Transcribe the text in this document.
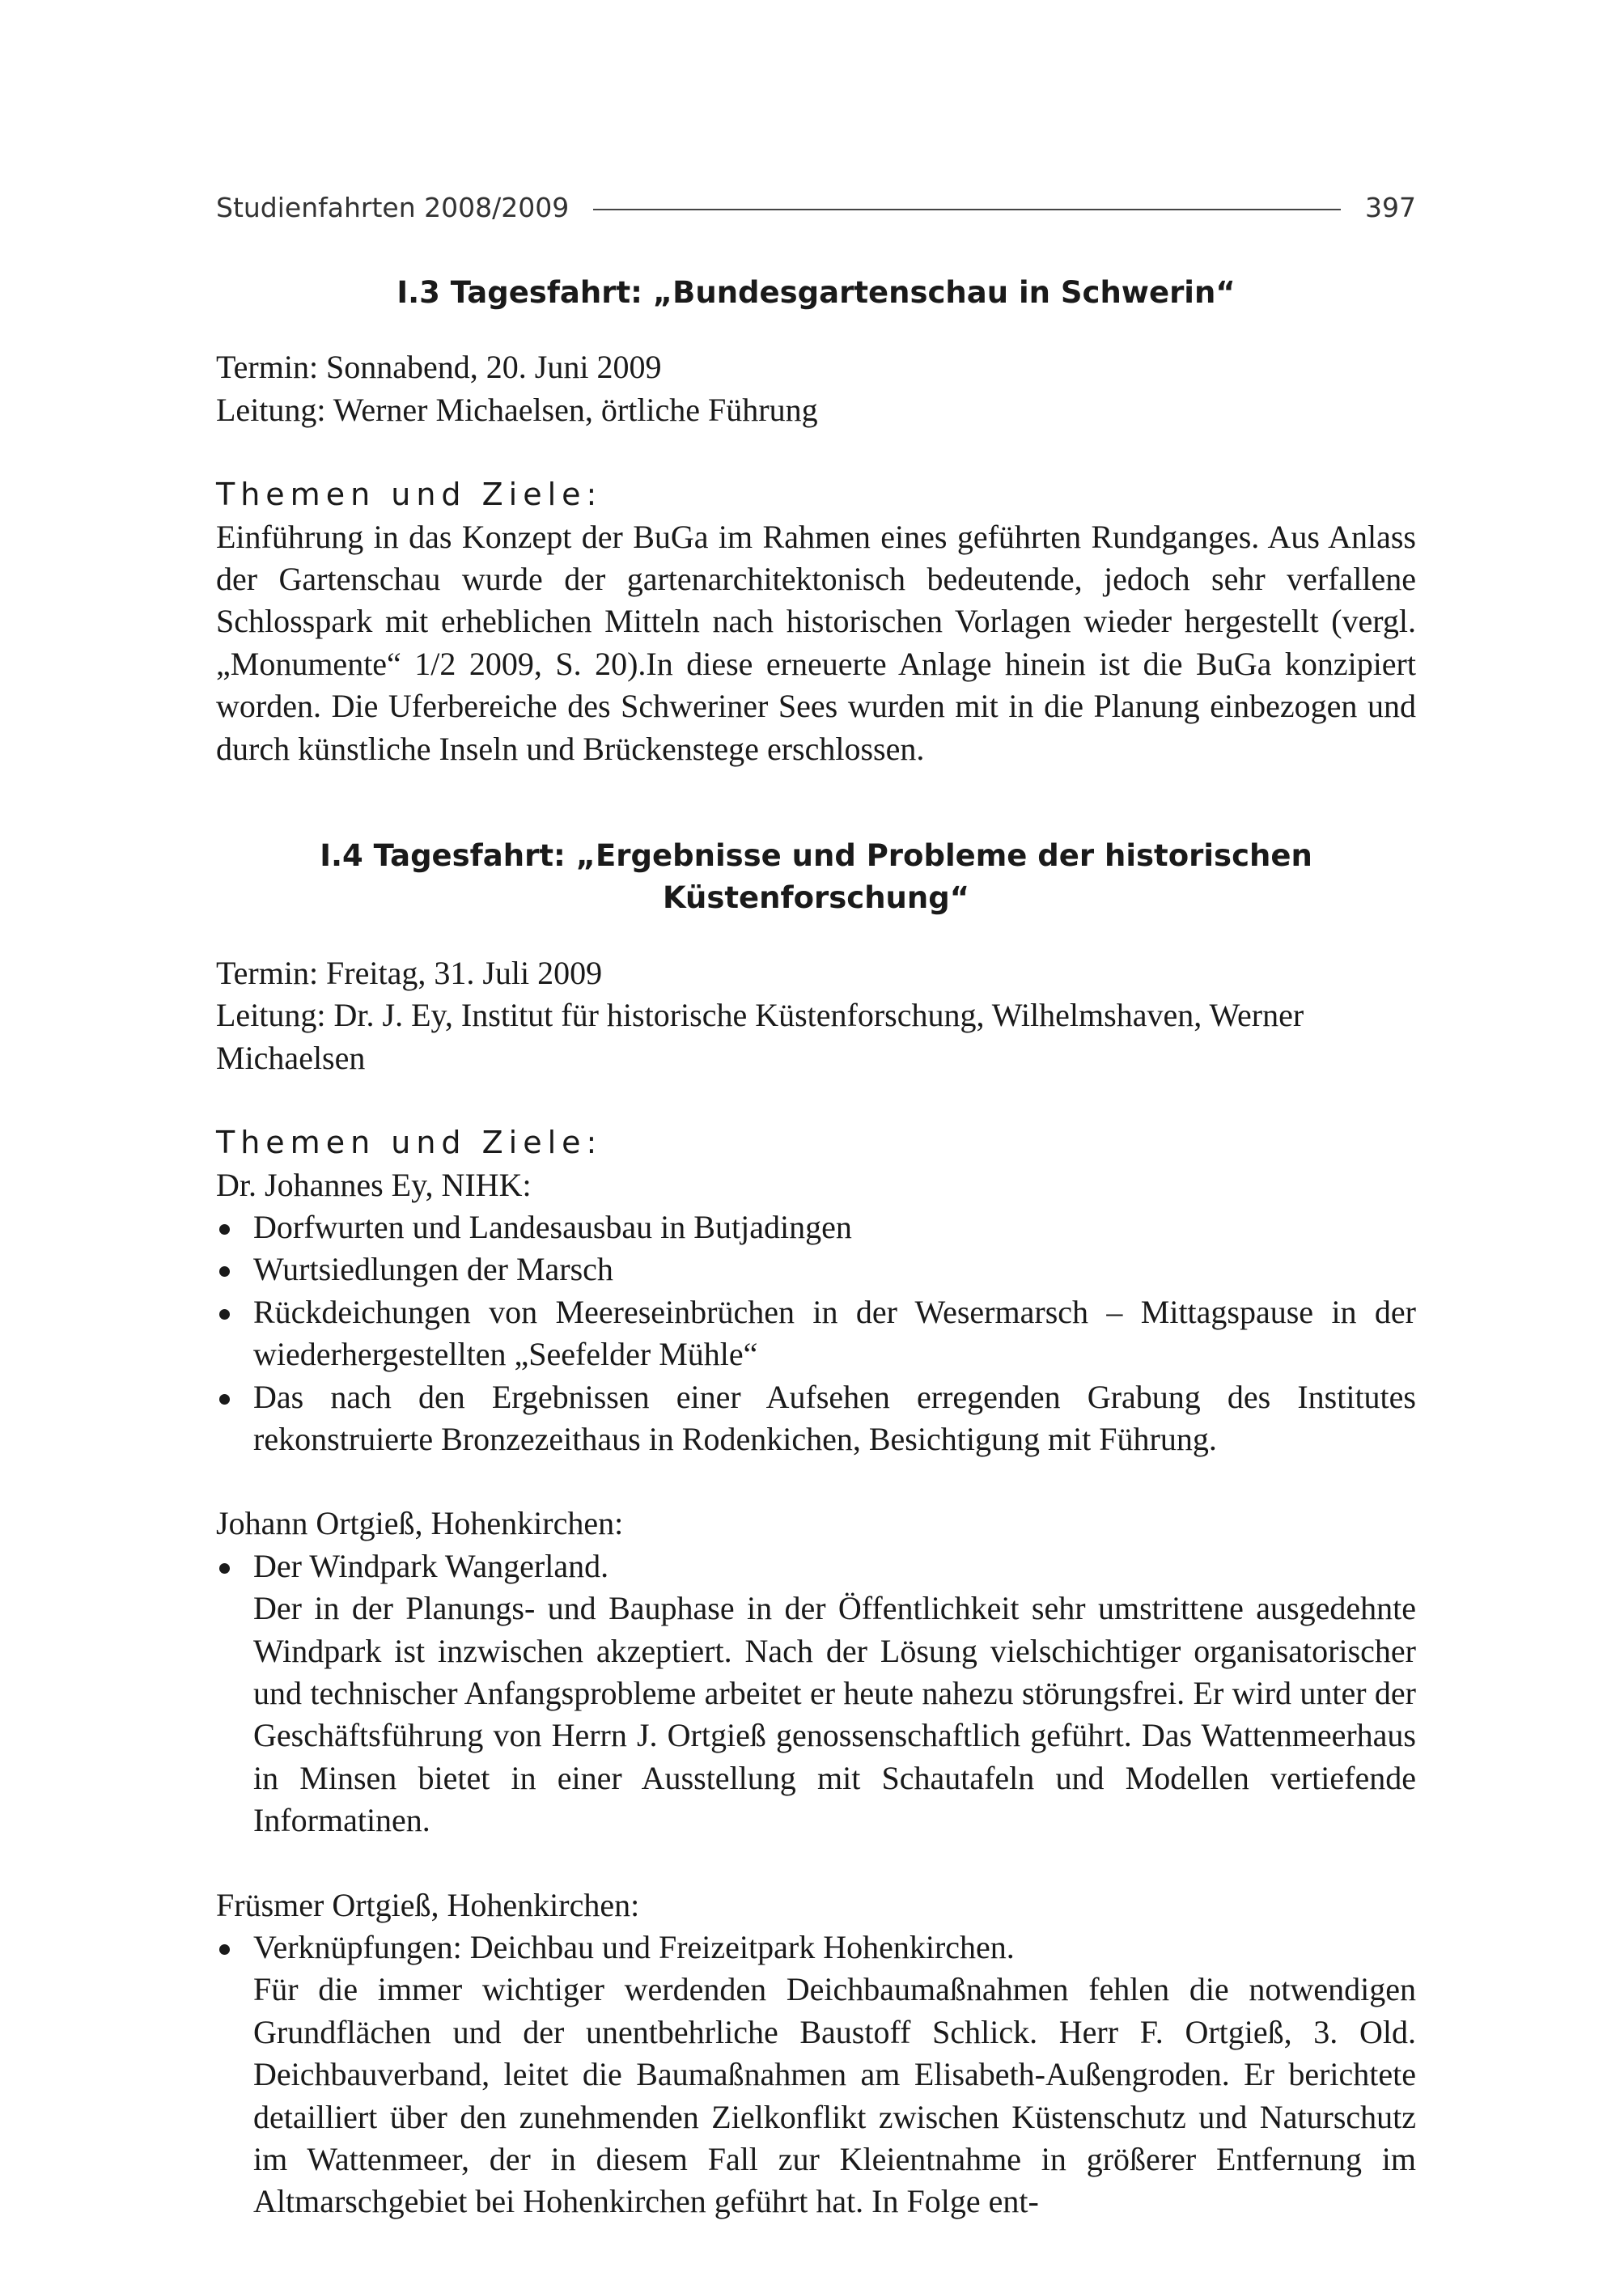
Studienfahrten 2008/2009	397
I.3 Tagesfahrt: „Bundesgartenschau in Schwerin“

Termin: Sonnabend, 20. Juni 2009

Leitung: Werner Michaelsen, örtliche Führung

Themen und Ziele:

Einführung in das Konzept der BuGa im Rahmen eines geführten Rundganges. Aus Anlass der Gartenschau wurde der gartenarchitektonisch bedeutende, jedoch sehr verfallene Schlosspark mit erheblichen Mitteln nach historischen Vorlagen wieder hergestellt (vergl. „Monumente“ 1/2 2009, S. 20).In diese erneuerte Anlage hinein ist die BuGa konzipiert worden. Die Uferbereiche des Schweriner Sees wurden mit in die Planung einbezogen und durch künstliche Inseln und Brückenstege erschlossen.

I.4 Tagesfahrt: „Ergebnisse und Probleme der historischen Küstenforschung“

Termin: Freitag, 31. Juli 2009

Leitung: Dr. J. Ey, Institut für historische Küstenforschung, Wilhelmshaven, Werner Michaelsen

Themen und Ziele:

Dr. Johannes Ey, NIHK:

Dorfwurten und Landesausbau in Butjadingen
Wurtsiedlungen der Marsch
Rückdeichungen von Meereseinbrüchen in der Wesermarsch – Mittagspause in der wiederhergestellten „Seefelder Mühle“
Das nach den Ergebnissen einer Aufsehen erregenden Grabung des Institutes rekonstruierte Bronzezeithaus in Rodenkichen, Besichtigung mit Führung.

Johann Ortgieß, Hohenkirchen:

Der Windpark Wangerland.
Der in der Planungs- und Bauphase in der Öffentlichkeit sehr umstrittene ausgedehnte Windpark ist inzwischen akzeptiert. Nach der Lösung vielschichtiger organisatorischer und technischer Anfangsprobleme arbeitet er heute nahezu störungsfrei. Er wird unter der Geschäftsführung von Herrn J. Ortgieß genossenschaftlich geführt. Das Wattenmeerhaus in Minsen bietet in einer Ausstellung mit Schautafeln und Modellen vertiefende Informatinen.

Früsmer Ortgieß, Hohenkirchen:

Verknüpfungen: Deichbau und Freizeitpark Hohenkirchen.
Für die immer wichtiger werdenden Deichbaumaßnahmen fehlen die notwendigen Grundflächen und der unentbehrliche Baustoff Schlick. Herr F. Ortgieß, 3. Old. Deichbauverband, leitet die Baumaßnahmen am Elisabeth-Außengroden. Er berichtete detailliert über den zunehmenden Zielkonflikt zwischen Küstenschutz und Naturschutz im Wattenmeer, der in diesem Fall zur Kleientnahme in größerer Entfernung im Altmarschgebiet bei Hohenkirchen geführt hat. In Folge ent-
